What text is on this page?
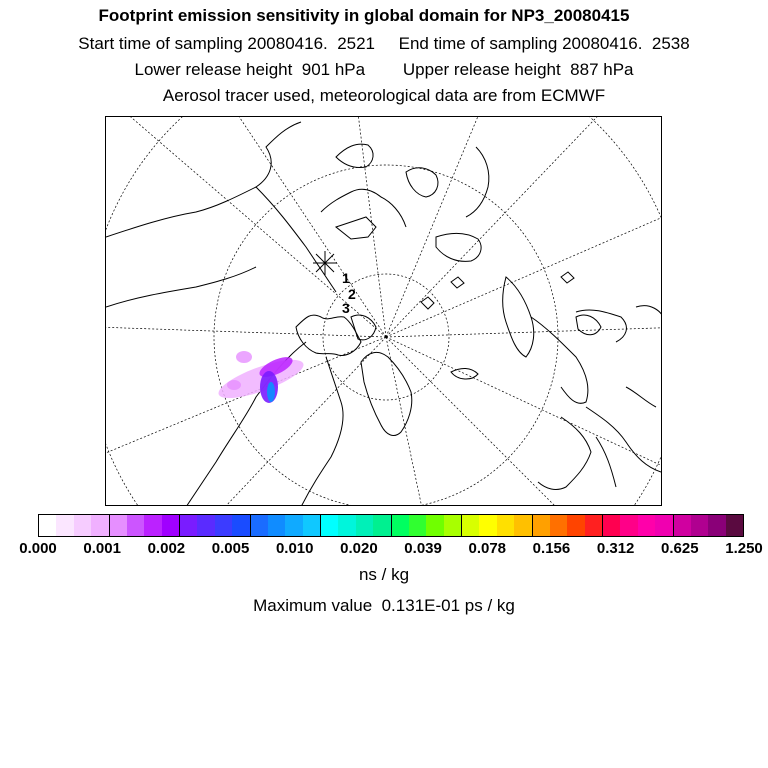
Footprint emission sensitivity in global domain for NP3_20080415
Start time of sampling 20080416.  2521     End time of sampling 20080416.  2538
Lower release height  901 hPa        Upper release height  887 hPa
Aerosol tracer used, meteorological data are from ECMWF
1
2
3
0.000 0.001 0.002 0.005 0.010 0.020 0.039 0.078 0.156 0.312 0.625 1.250
ns / kg
Maximum value  0.131E-01 ps / kg
